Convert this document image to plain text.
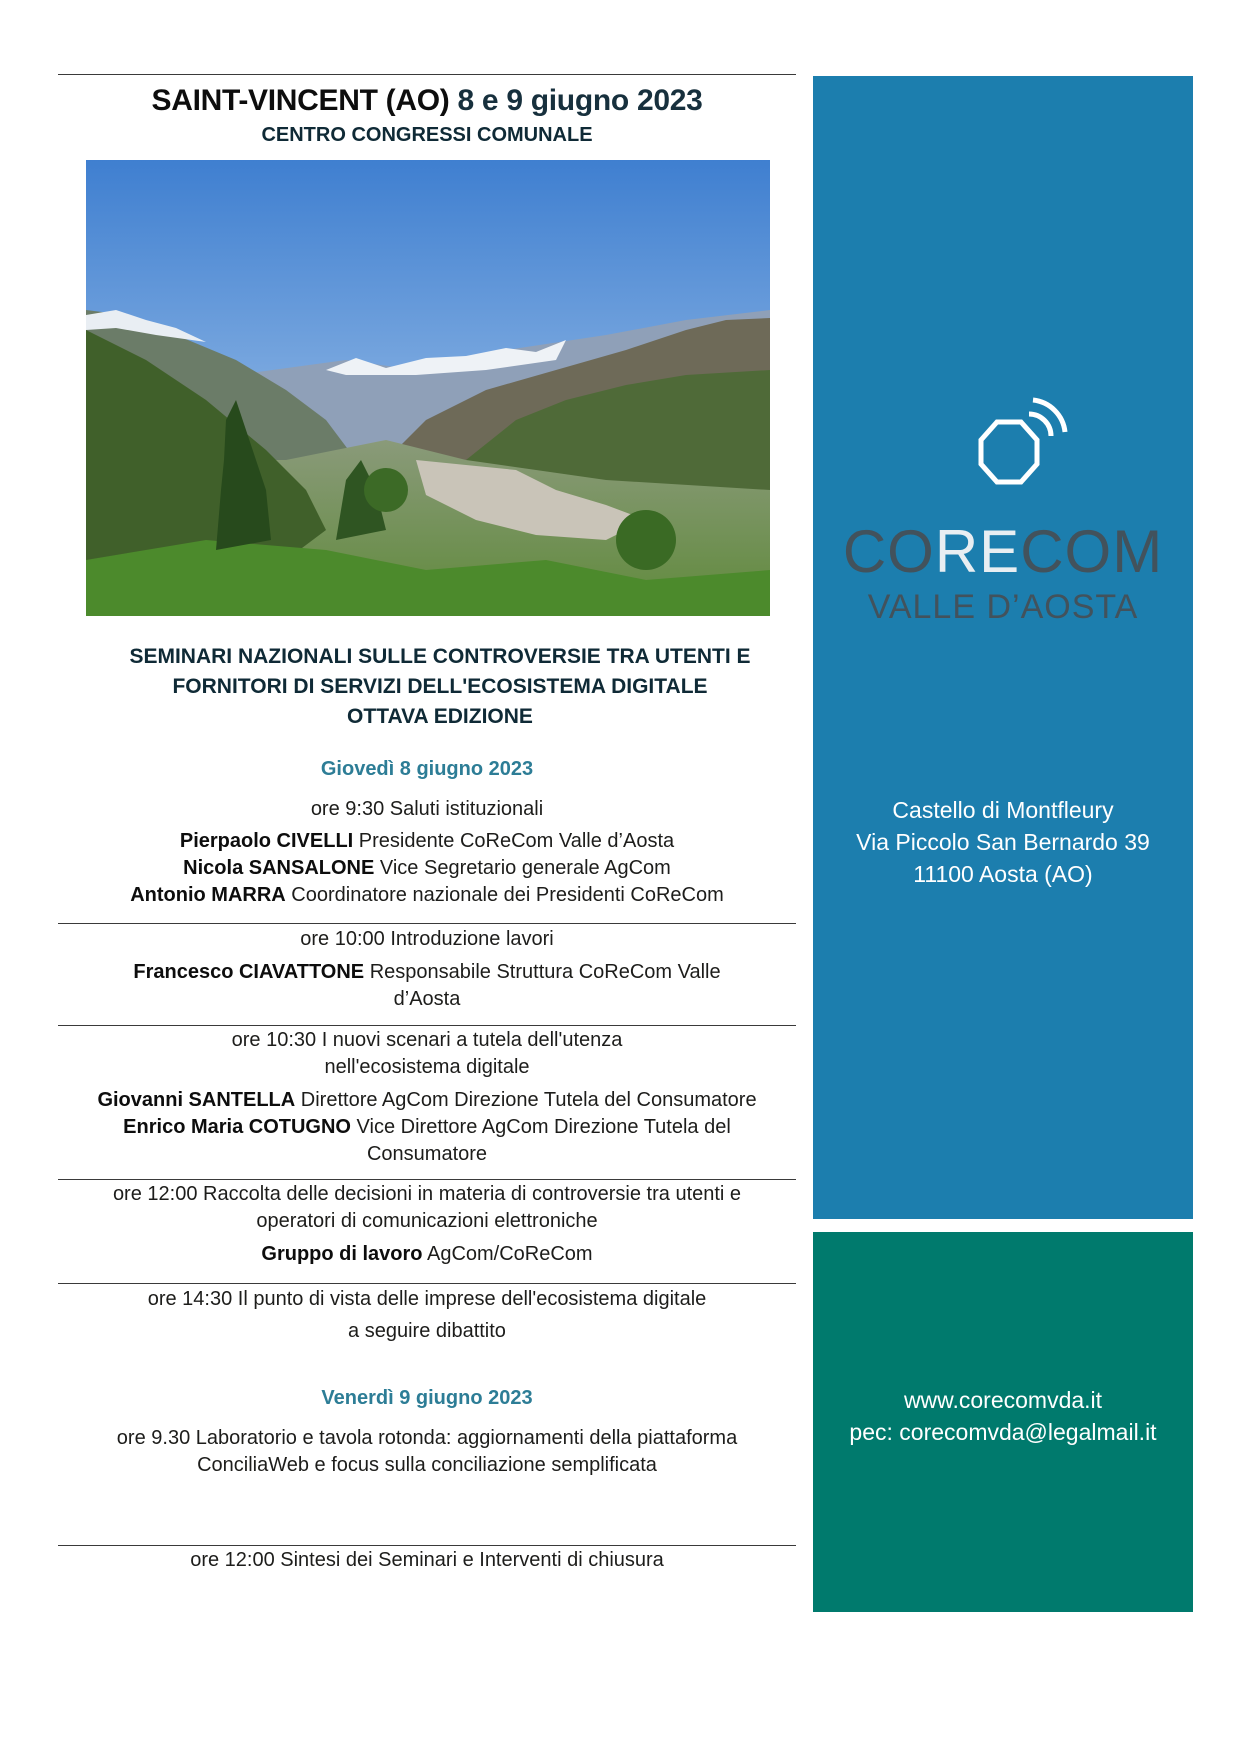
SAINT-VINCENT (AO) 8 e 9 giugno 2023
CENTRO CONGRESSI COMUNALE
SEMINARI NAZIONALI SULLE CONTROVERSIE TRA UTENTI E
FORNITORI DI SERVIZI DELL'ECOSISTEMA DIGITALE
OTTAVA EDIZIONE
Giovedì 8 giugno 2023
ore 9:30 Saluti istituzionali
Pierpaolo CIVELLI Presidente CoReCom Valle d’Aosta
Nicola SANSALONE Vice Segretario generale AgCom
Antonio MARRA Coordinatore nazionale dei Presidenti CoReCom
ore 10:00 Introduzione lavori
Francesco CIAVATTONE Responsabile Struttura CoReCom Valle
d’Aosta
ore 10:30 I nuovi scenari a tutela dell'utenza
nell'ecosistema digitale
Giovanni SANTELLA Direttore AgCom Direzione Tutela del Consumatore
Enrico Maria COTUGNO Vice Direttore AgCom Direzione Tutela del
Consumatore
ore 12:00 Raccolta delle decisioni in materia di controversie tra utenti e
operatori di comunicazioni elettroniche
Gruppo di lavoro AgCom/CoReCom
ore 14:30 Il punto di vista delle imprese dell'ecosistema digitale
a seguire dibattito
Venerdì 9 giugno 2023
ore 9.30 Laboratorio e tavola rotonda: aggiornamenti della piattaforma
ConciliaWeb e focus sulla conciliazione semplificata
ore 12:00 Sintesi dei Seminari e Interventi di chiusura
CORECOM
VALLE D’AOSTA
Castello di Montfleury
Via Piccolo San Bernardo 39
11100 Aosta (AO)
www.corecomvda.it
pec: corecomvda@legalmail.it
